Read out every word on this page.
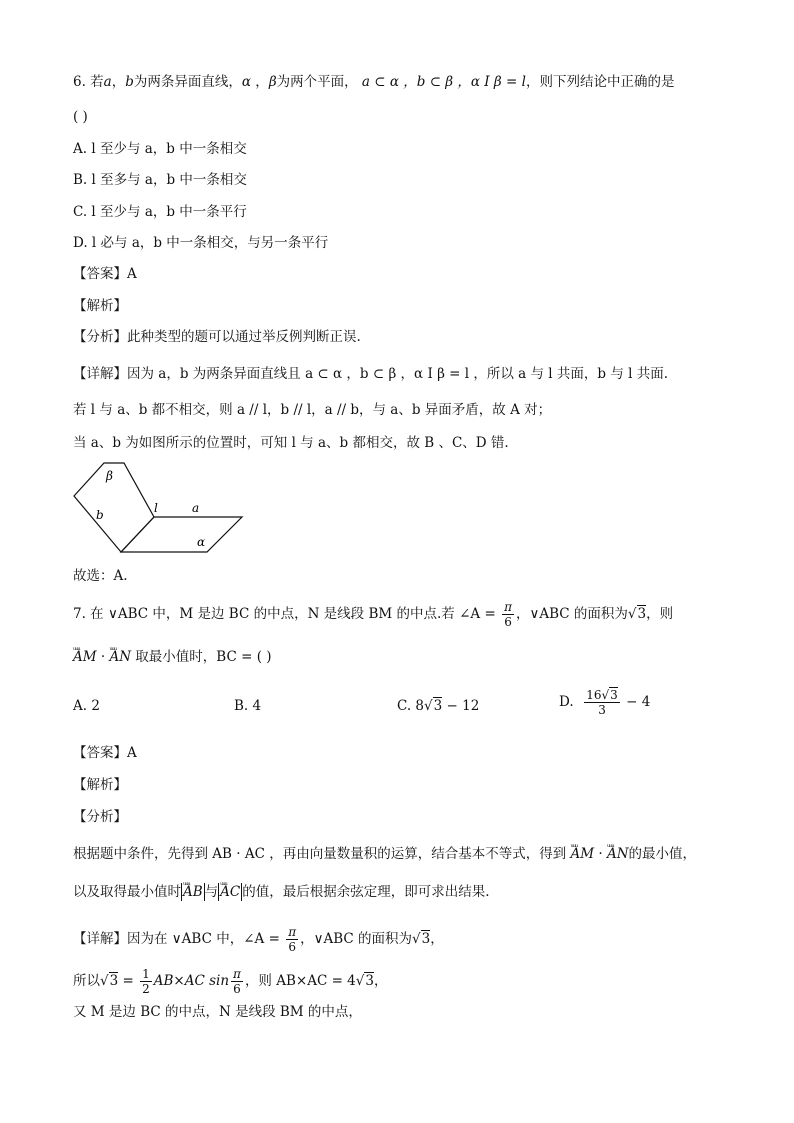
6. 若a，b为两条异面直线，α ，β为两个平面， a ⊂ α ，b ⊂ β ，α I β = l，则下列结论中正确的是
( )
A. l 至少与 a，b 中一条相交
B. l 至多与 a，b 中一条相交
C. l 至少与 a，b 中一条平行
D. l 必与 a，b 中一条相交，与另一条平行
【答案】A
【解析】
【分析】此种类型的题可以通过举反例判断正误.
【详解】因为 a，b 为两条异面直线且 a ⊂ α ，b ⊂ β ，α I β = l ，所以 a 与 l 共面，b 与 l 共面.
若 l 与 a、b 都不相交，则 a // l，b // l，a // b，与 a、b 异面矛盾，故 A 对；
当 a、b 为如图所示的位置时，可知 l 与 a、b 都相交，故 B 、C、D 错.
β
b	l	a
α
故选：A.
7. 在 ∨ABC 中，M 是边 BC 的中点，N 是线段 BM 的中点.若 ∠A = $\frac{\pi}{6}$ ，∨ABC 的面积为√3，则
ᵤᵤᵤ AM · ᵤᵤᵤ AN 取最小值时，BC = ( )
A. 2	B. 4	C. 8√3 − 12	D. $\frac{16√3}{3} - 4$
【答案】A
【解析】
【分析】
根据题中条件，先得到 AB · AC ，再由向量数量积的运算，结合基本不等式，得到 ᵤᵤᵤ AM · ᵤᵤᵤ AN的最小值，
以及取得最小值时 ᵤᵤᵤ AB 与 ᵤᵤᵤ AC 的值，最后根据余弦定理，即可求出结果.
【详解】因为在 ∨ABC 中，∠A = $\frac{\pi}{6}$ ，∨ABC 的面积为√3，
所以$√3 = \frac{1}{2} AB\times AC$ $\sin \frac{\pi}{6}$ ，则 AB×AC = 4√3，
又 M 是边 BC 的中点，N 是线段 BM 的中点，
